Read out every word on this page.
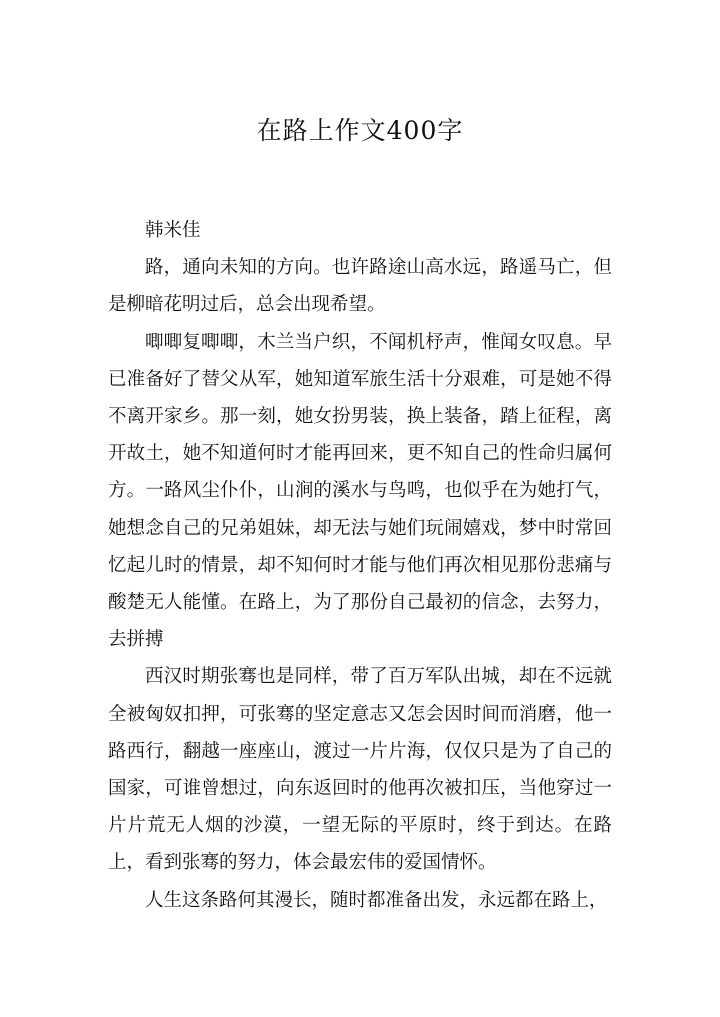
在路上作文400字

韩米佳

路，通向未知的方向。也许路途山高水远，路遥马亡，但是柳暗花明过后，总会出现希望。

唧唧复唧唧，木兰当户织，不闻机杼声，惟闻女叹息。早已准备好了替父从军，她知道军旅生活十分艰难，可是她不得不离开家乡。那一刻，她女扮男装，换上装备，踏上征程，离开故土，她不知道何时才能再回来，更不知自己的性命归属何方。一路风尘仆仆，山涧的溪水与鸟鸣，也似乎在为她打气，她想念自己的兄弟姐妹，却无法与她们玩闹嬉戏，梦中时常回忆起儿时的情景，却不知何时才能与他们再次相见那份悲痛与酸楚无人能懂。在路上，为了那份自己最初的信念，去努力，去拼搏

西汉时期张骞也是同样，带了百万军队出城，却在不远就全被匈奴扣押，可张骞的坚定意志又怎会因时间而消磨，他一路西行，翻越一座座山，渡过一片片海，仅仅只是为了自己的国家，可谁曾想过，向东返回时的他再次被扣压，当他穿过一片片荒无人烟的沙漠，一望无际的平原时，终于到达。在路上，看到张骞的努力，体会最宏伟的爱国情怀。

人生这条路何其漫长，随时都准备出发，永远都在路上，
